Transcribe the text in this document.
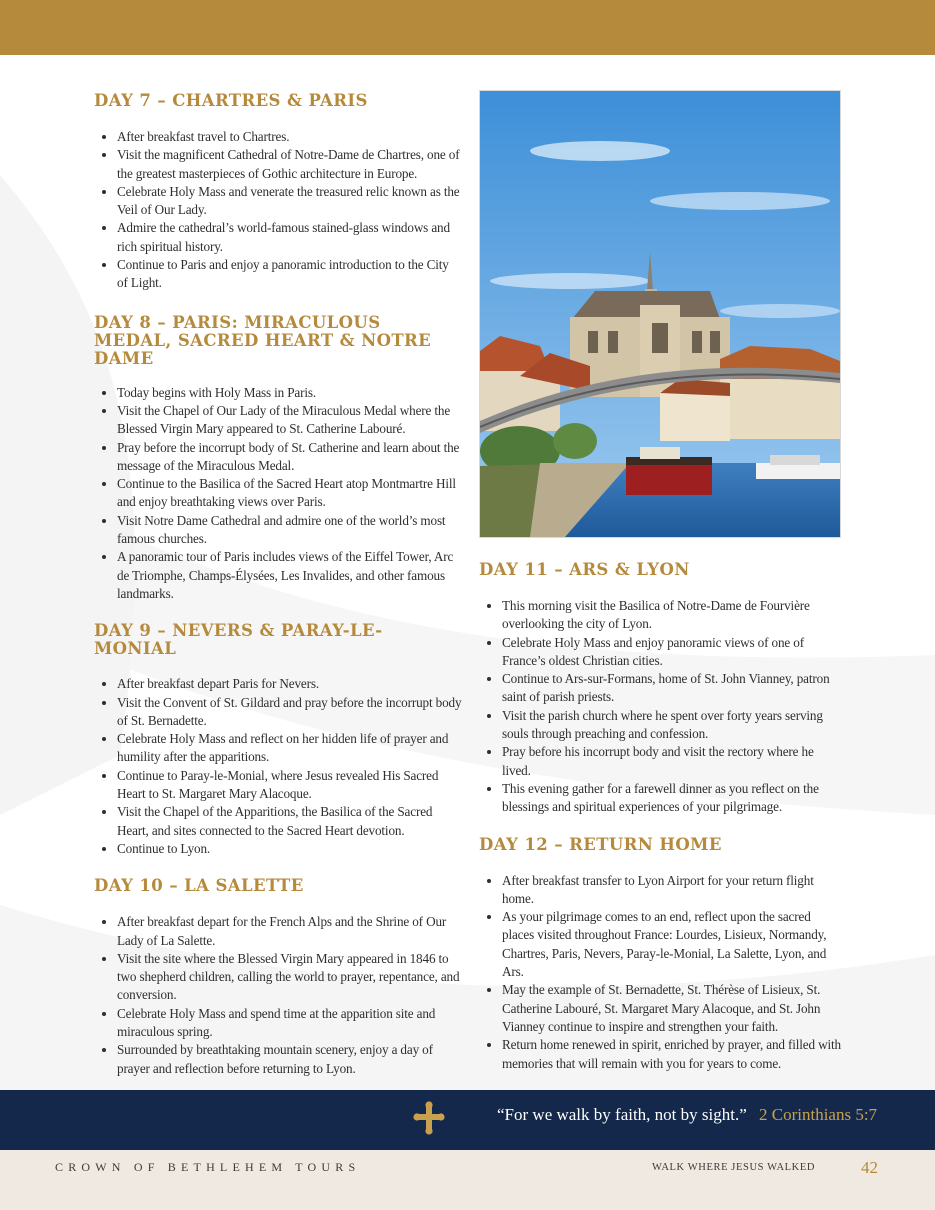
DAY 7 – CHARTRES & PARIS
• After breakfast travel to Chartres.
• Visit the magnificent Cathedral of Notre-Dame de Chartres, one of the greatest masterpieces of Gothic architecture in Europe.
• Celebrate Holy Mass and venerate the treasured relic known as the Veil of Our Lady.
• Admire the cathedral’s world-famous stained-glass windows and rich spiritual history.
• Continue to Paris and enjoy a panoramic introduction to the City of Light.
DAY 8 – PARIS: MIRACULOUS MEDAL, SACRED HEART & NOTRE DAME
• Today begins with Holy Mass in Paris.
• Visit the Chapel of Our Lady of the Miraculous Medal where the Blessed Virgin Mary appeared to St. Catherine Labouré.
• Pray before the incorrupt body of St. Catherine and learn about the message of the Miraculous Medal.
• Continue to the Basilica of the Sacred Heart atop Montmartre Hill and enjoy breathtaking views over Paris.
• Visit Notre Dame Cathedral and admire one of the world’s most famous churches.
• A panoramic tour of Paris includes views of the Eiffel Tower, Arc de Triomphe, Champs-Élysées, Les Invalides, and other famous landmarks.
DAY 9 – NEVERS & PARAY-LE-MONIAL
• After breakfast depart Paris for Nevers.
• Visit the Convent of St. Gildard and pray before the incorrupt body of St. Bernadette.
• Celebrate Holy Mass and reflect on her hidden life of prayer and humility after the apparitions.
• Continue to Paray-le-Monial, where Jesus revealed His Sacred Heart to St. Margaret Mary Alacoque.
• Visit the Chapel of the Apparitions, the Basilica of the Sacred Heart, and sites connected to the Sacred Heart devotion.
• Continue to Lyon.
DAY 10 – LA SALETTE
• After breakfast depart for the French Alps and the Shrine of Our Lady of La Salette.
• Visit the site where the Blessed Virgin Mary appeared in 1846 to two shepherd children, calling the world to prayer, repentance, and conversion.
• Celebrate Holy Mass and spend time at the apparition site and miraculous spring.
• Surrounded by breathtaking mountain scenery, enjoy a day of prayer and reflection before returning to Lyon.
DAY 11 – ARS & LYON
• This morning visit the Basilica of Notre-Dame de Fourvière overlooking the city of Lyon.
• Celebrate Holy Mass and enjoy panoramic views of one of France’s oldest Christian cities.
• Continue to Ars-sur-Formans, home of St. John Vianney, patron saint of parish priests.
• Visit the parish church where he spent over forty years serving souls through preaching and confession.
• Pray before his incorrupt body and visit the rectory where he lived.
• This evening gather for a farewell dinner as you reflect on the blessings and spiritual experiences of your pilgrimage.
DAY 12 – RETURN HOME
• After breakfast transfer to Lyon Airport for your return flight home.
• As your pilgrimage comes to an end, reflect upon the sacred places visited throughout France: Lourdes, Lisieux, Normandy, Chartres, Paris, Nevers, Paray-le-Monial, La Salette, Lyon, and Ars.
• May the example of St. Bernadette, St. Thérèse of Lisieux, St. Catherine Labouré, St. Margaret Mary Alacoque, and St. John Vianney continue to inspire and strengthen your faith.
• Return home renewed in spirit, enriched by prayer, and filled with memories that will remain with you for years to come.
“For we walk by faith, not by sight.” 2 Corinthians 5:7
CROWN OF BETHLEHEM TOURS	WALK WHERE JESUS WALKED	42
